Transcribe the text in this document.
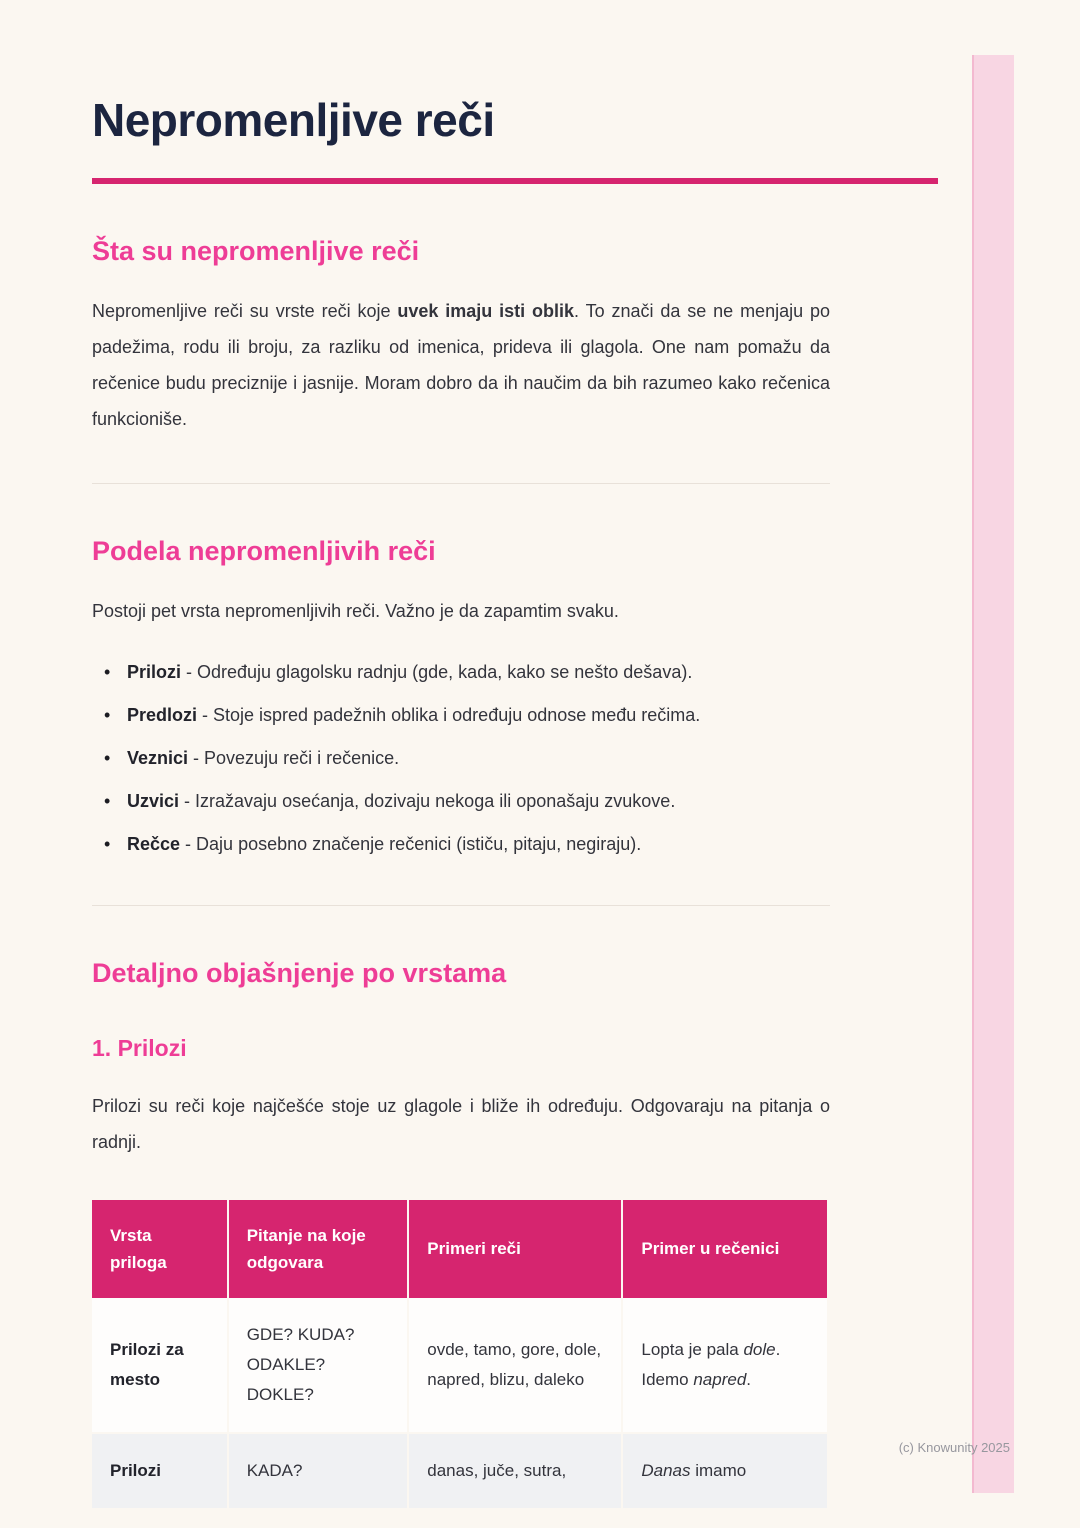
Nepromenljive reči
Šta su nepromenljive reči

Nepromenljive reči su vrste reči koje uvek imaju isti oblik. To znači da se ne menjaju po padežima, rodu ili broju, za razliku od imenica, prideva ili glagola. One nam pomažu da rečenice budu preciznije i jasnije. Moram dobro da ih naučim da bih razumeo kako rečenica funkcioniše.

Podela nepromenljivih reči

Postoji pet vrsta nepromenljivih reči. Važno je da zapamtim svaku.

• Prilozi - Određuju glagolsku radnju (gde, kada, kako se nešto dešava).
• Predlozi - Stoje ispred padežnih oblika i određuju odnose među rečima.
• Veznici - Povezuju reči i rečenice.
• Uzvici - Izražavaju osećanja, dozivaju nekoga ili oponašaju zvukove.
• Rečce - Daju posebno značenje rečenici (ističu, pitaju, negiraju).
Detaljno objašnjenje po vrstama
1. Prilozi

Prilozi su reči koje najčešće stoje uz glagole i bliže ih određuju. Odgovaraju na pitanja o radnji.

Vrsta priloga	Pitanje na koje odgovara	Primeri reči	Primer u rečenici
Prilozi za mesto	GDE? KUDA? ODAKLE? DOKLE?	ovde, tamo, gore, dole, napred, blizu, daleko	Lopta je pala dole. Idemo napred.
Prilozi	KADA?	danas, juče, sutra,	Danas imamo
(c) Knowunity 2025
